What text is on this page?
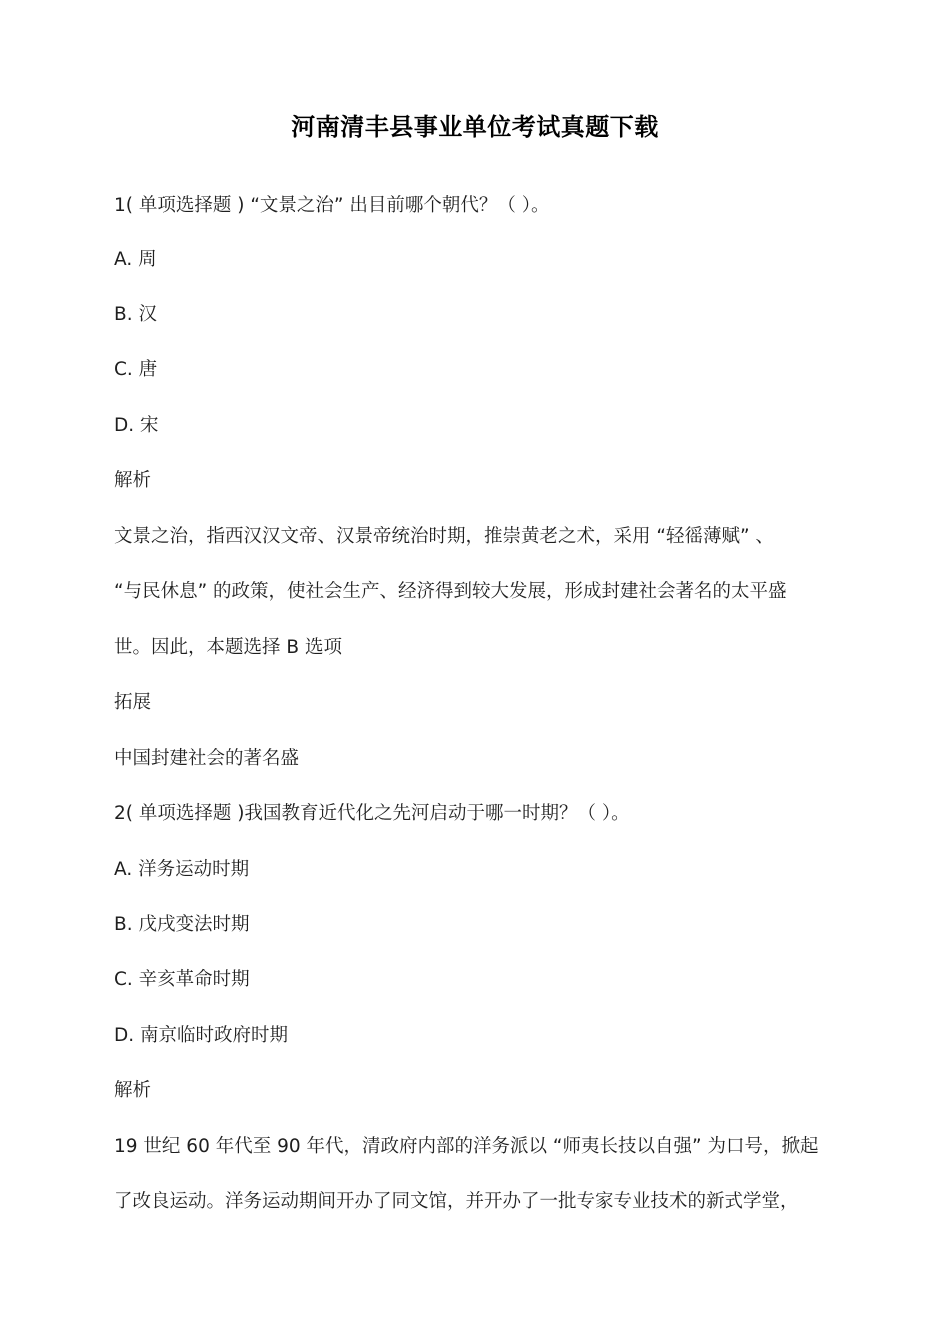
河南清丰县事业单位考试真题下载
1( 单项选择题 ) “文景之治” 出目前哪个朝代？（ ）。
A. 周
B. 汉
C. 唐
D. 宋
解析
文景之治，指西汉汉文帝、汉景帝统治时期，推崇黄老之术，采用 “轻徭薄赋” 、
“与民休息” 的政策，使社会生产、经济得到较大发展，形成封建社会著名的太平盛
世。因此，本题选择 B 选项
拓展
中国封建社会的著名盛
2( 单项选择题 )我国教育近代化之先河启动于哪一时期？（ ）。
A. 洋务运动时期
B. 戊戌变法时期
C. 辛亥革命时期
D. 南京临时政府时期
解析
19 世纪 60 年代至 90 年代，清政府内部的洋务派以 “师夷长技以自强” 为口号，掀起
了改良运动。洋务运动期间开办了同文馆，并开办了一批专家专业技术的新式学堂，
